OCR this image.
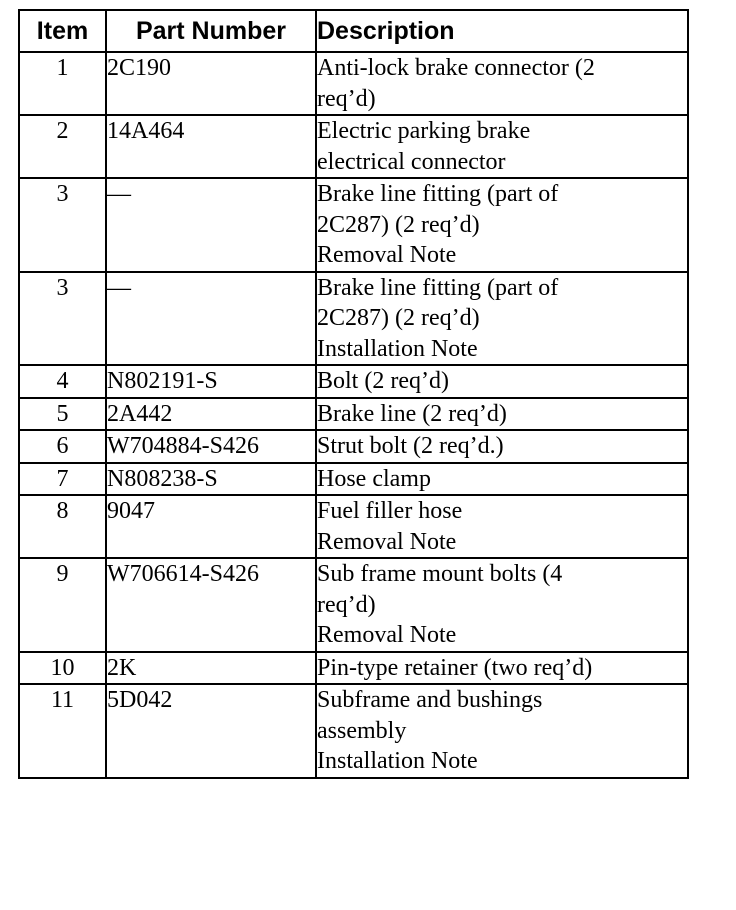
Item	Part Number	Description
1	2C190	Anti-lock brake connector (2
req’d)

2	14A464	Electric parking brake
electrical connector

3	—	Brake line fitting (part of
2C287) (2 req’d)
Removal Note

3	—	Brake line fitting (part of
2C287) (2 req’d)
Installation Note

4	N802191-S	Bolt (2 req’d)

5	2A442	Brake line (2 req’d)

6	W704884-S426	Strut bolt (2 req’d.)

7	N808238-S	Hose clamp

8	9047	Fuel filler hose
Removal Note

9	W706614-S426	Sub frame mount bolts (4
req’d)
Removal Note

10	2K	Pin-type retainer (two req’d)

11	5D042	Subframe and bushings
assembly
Installation Note
